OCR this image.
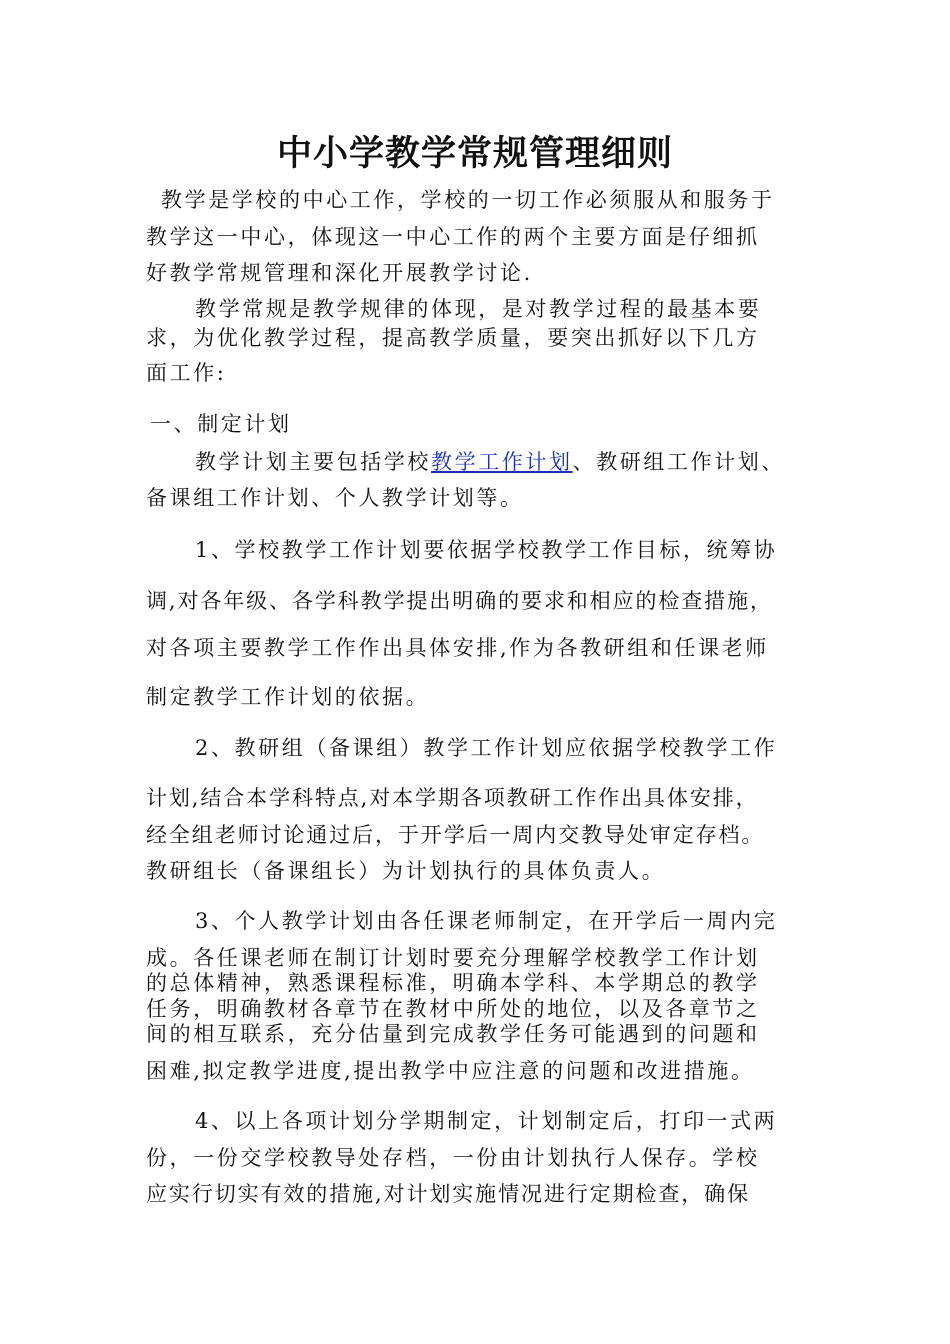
中小学教学常规管理细则
教学是学校的中心工作，学校的一切工作必须服从和服务于
教学这一中心，体现这一中心工作的两个主要方面是仔细抓
好教学常规管理和深化开展教学讨论.
教学常规是教学规律的体现，是对教学过程的最基本要
求，为优化教学过程，提高教学质量，要突出抓好以下几方
面工作:
一、制定计划
教学计划主要包括学校教学工作计划、教研组工作计划、
备课组工作计划、个人教学计划等。
1、学校教学工作计划要依据学校教学工作目标，统筹协
调,对各年级、各学科教学提出明确的要求和相应的检查措施，
对各项主要教学工作作出具体安排,作为各教研组和任课老师
制定教学工作计划的依据。
2、教研组（备课组）教学工作计划应依据学校教学工作
计划,结合本学科特点,对本学期各项教研工作作出具体安排，
经全组老师讨论通过后，于开学后一周内交教导处审定存档。
教研组长（备课组长）为计划执行的具体负责人。
3、个人教学计划由各任课老师制定，在开学后一周内完
成。各任课老师在制订计划时要充分理解学校教学工作计划
的总体精神，熟悉课程标准，明确本学科、本学期总的教学
任务，明确教材各章节在教材中所处的地位，以及各章节之
间的相互联系，充分估量到完成教学任务可能遇到的问题和
困难,拟定教学进度,提出教学中应注意的问题和改进措施。
4、以上各项计划分学期制定，计划制定后，打印一式两
份，一份交学校教导处存档，一份由计划执行人保存。学校
应实行切实有效的措施,对计划实施情况进行定期检查，确保
